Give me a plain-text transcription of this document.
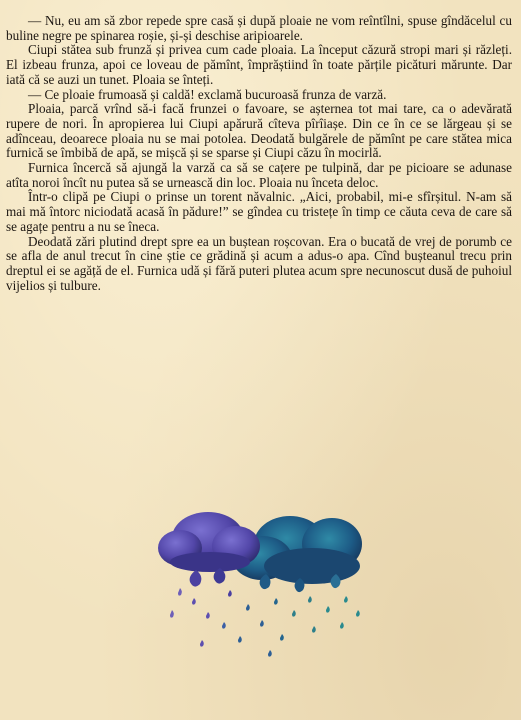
— Nu, eu am să zbor repede spre casă și după ploaie ne vom reîntîlni, spuse gîndăcelul cu buline negre pe spinarea roșie, și-și deschise aripioarele.

Ciupi stătea sub frunză și privea cum cade ploaia. La început căzură stropi mari și răzleți. El izbeau frunza, apoi ce loveau de pămînt, împrăștiind în toate părțile picături mărunte. Dar iată că se auzi un tunet. Ploaia se înteți.

— Ce ploaie frumoasă și caldă! exclamă bucuroasă frunza de varză.

Ploaia, parcă vrînd să-i facă frunzei o favoare, se așternea tot mai tare, ca o adevărată rupere de nori. În apropierea lui Ciupi apărură cîteva pîrîiașe. Din ce în ce se lărgeau și se adînceau, deoarece ploaia nu se mai potolea. Deodată bulgărele de pămînt pe care stătea mica furnică se îmbibă de apă, se mișcă și se sparse și Ciupi căzu în mocirlă.

Furnica încercă să ajungă la varză ca să se cațere pe tulpină, dar pe picioare se adunase atîta noroi încît nu putea să se urnească din loc. Ploaia nu înceta deloc.

Într-o clipă pe Ciupi o prinse un torent năvalnic. „Aici, probabil, mi-e sfîrșitul. N-am să mai mă întorc niciodată acasă în pădure!” se gîndea cu tristețe în timp ce căuta ceva de care să se agațe pentru a nu se îneca.

Deodată zări plutind drept spre ea un buștean roșcovan. Era o bucată de vrej de porumb ce se afla de anul trecut în cine știe ce grădină și acum a adus-o apa. Cînd bușteanul trecu prin dreptul ei se agăță de el. Furnica udă și fără puteri plutea acum spre necunoscut dusă de puhoiul vijelios și tulbure.
